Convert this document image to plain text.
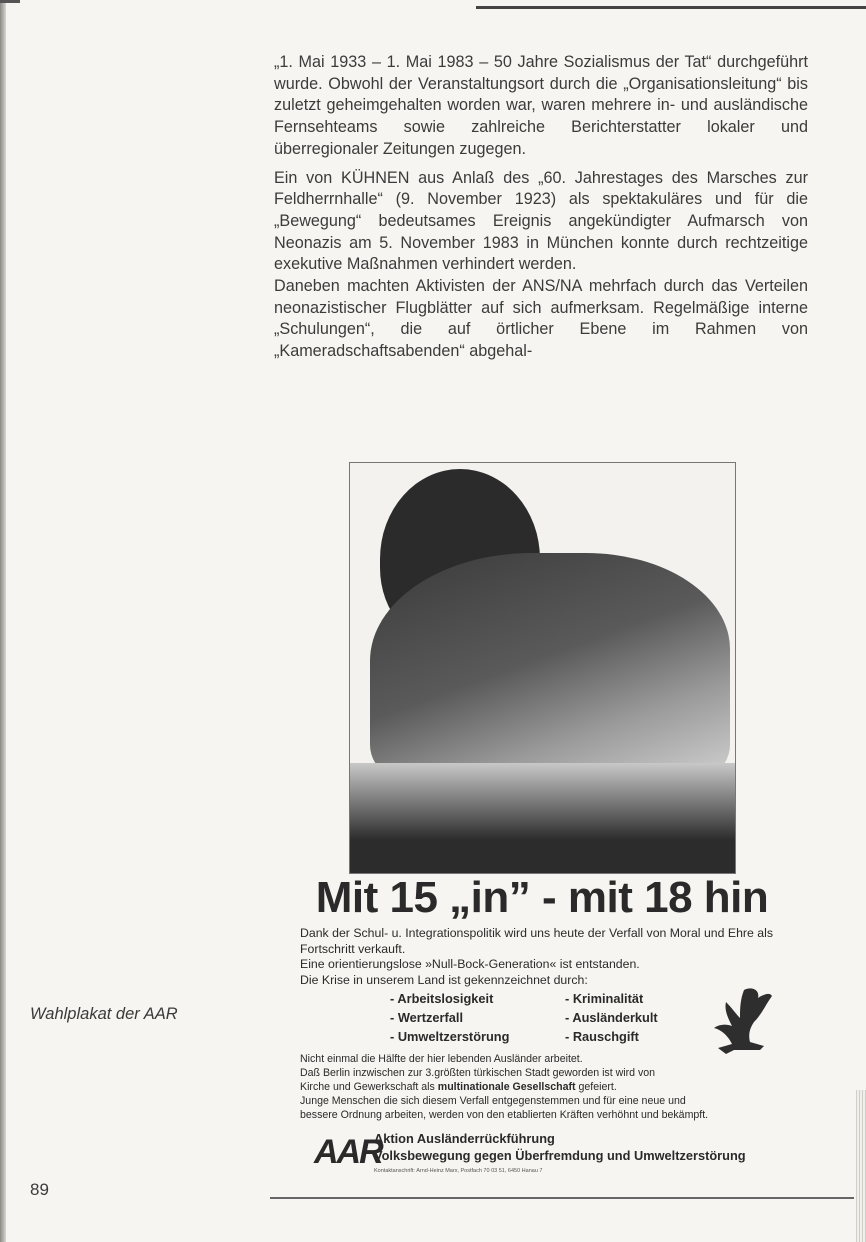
„1. Mai 1933 – 1. Mai 1983 – 50 Jahre Sozialismus der Tat“ durchgeführt wurde. Obwohl der Veranstaltungsort durch die „Organisationsleitung“ bis zuletzt geheimgehalten worden war, waren mehrere in- und ausländische Fernsehteams sowie zahlreiche Berichterstatter lokaler und überregionaler Zeitungen zugegen.

Ein von KÜHNEN aus Anlaß des „60. Jahrestages des Marsches zur Feldherrnhalle“ (9. November 1923) als spektakuläres und für die „Bewegung“ bedeutsames Ereignis angekündigter Aufmarsch von Neonazis am 5. November 1983 in München konnte durch rechtzeitige exekutive Maßnahmen verhindert werden.

Daneben machten Aktivisten der ANS/NA mehrfach durch das Verteilen neonazistischer Flugblätter auf sich aufmerksam. Regelmäßige interne „Schulungen“, die auf örtlicher Ebene im Rahmen von „Kameradschaftsabenden“ abgehal-

Mit 15 „in” - mit 18 hin

Dank der Schul- u. Integrationspolitik wird uns heute der Verfall von Moral und Ehre als Fortschritt verkauft.

Eine orientierungslose »Null-Bock-Generation« ist entstanden.

Die Krise in unserem Land ist gekennzeichnet durch:

- Arbeitslosigkeit	- Kriminalität
- Wertzerfall	- Ausländerkult
- Umweltzerstörung	- Rauschgift

Nicht einmal die Hälfte der hier lebenden Ausländer arbeitet.

Daß Berlin inzwischen zur 3.größten türkischen Stadt geworden ist wird von

Kirche und Gewerkschaft als multinationale Gesellschaft gefeiert.

Junge Menschen die sich diesem Verfall entgegenstemmen und für eine neue und

bessere Ordnung arbeiten, werden von den etablierten Kräften verhöhnt und bekämpft.

AAR
Aktion Ausländerrückführung
Volksbewegung gegen Überfremdung und Umweltzerstörung
Kontaktanschrift: Arnd-Heinz Marx, Postfach 70 03 51, 6450 Hanau 7
Wahlplakat der AAR
89
